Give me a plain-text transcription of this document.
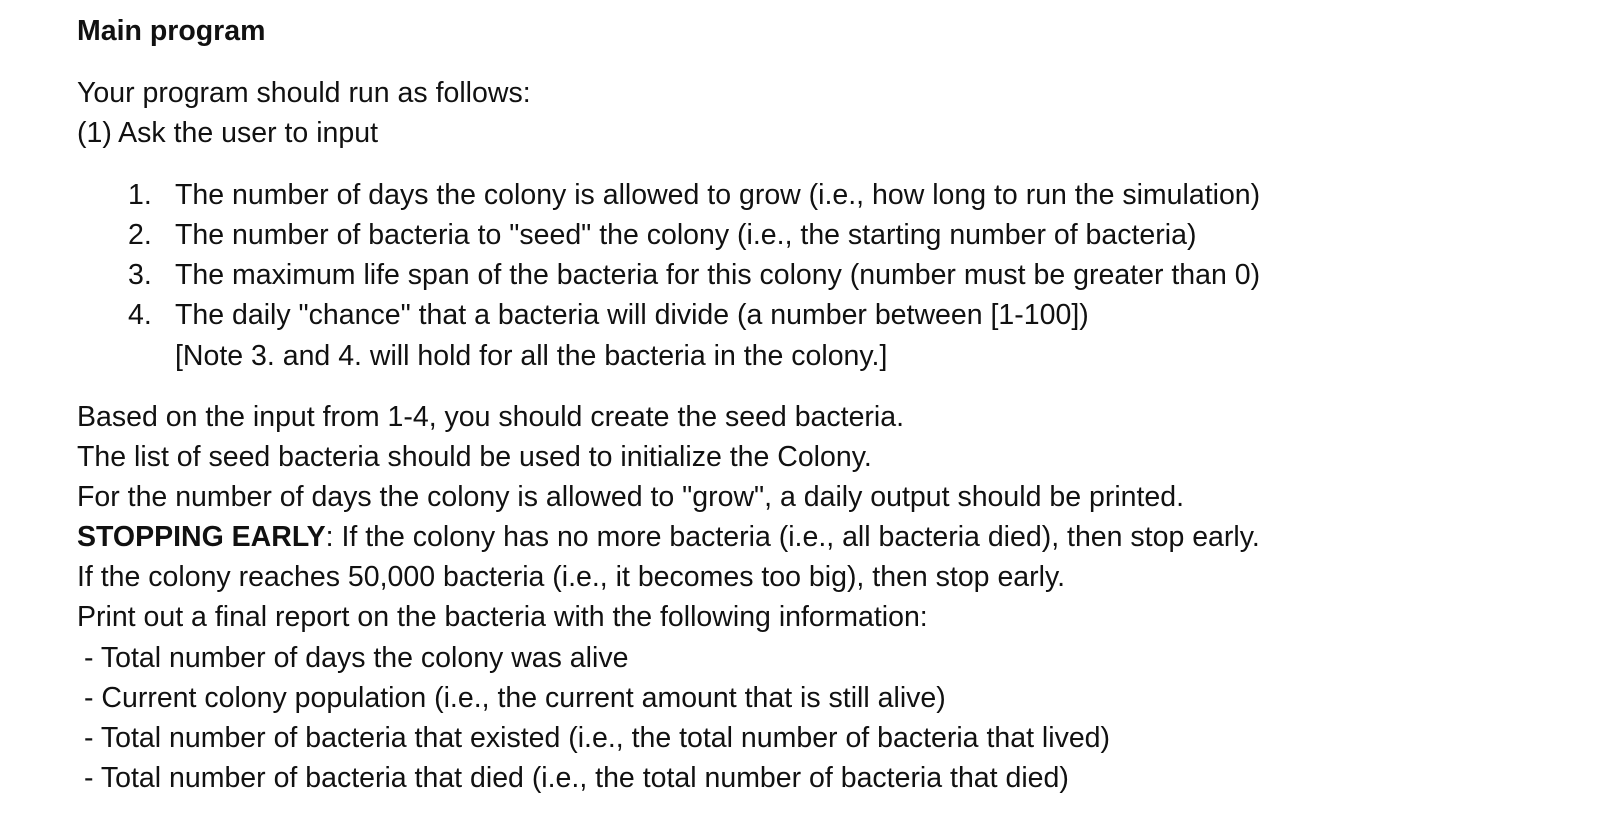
Main program
Your program should run as follows:
(1) Ask the user to input
1. The number of days the colony is allowed to grow (i.e., how long to run the simulation)
2. The number of bacteria to "seed" the colony (i.e., the starting number of bacteria)
3. The maximum life span of the bacteria for this colony (number must be greater than 0)
4. The daily "chance" that a bacteria will divide (a number between [1-100])
[Note 3. and 4. will hold for all the bacteria in the colony.]
Based on the input from 1-4, you should create the seed bacteria.
The list of seed bacteria should be used to initialize the Colony.
For the number of days the colony is allowed to "grow", a daily output should be printed.
STOPPING EARLY: If the colony has no more bacteria (i.e., all bacteria died), then stop early.
If the colony reaches 50,000 bacteria (i.e., it becomes too big), then stop early.
Print out a final report on the bacteria with the following information:
- Total number of days the colony was alive
- Current colony population (i.e., the current amount that is still alive)
- Total number of bacteria that existed (i.e., the total number of bacteria that lived)
- Total number of bacteria that died (i.e., the total number of bacteria that died)
